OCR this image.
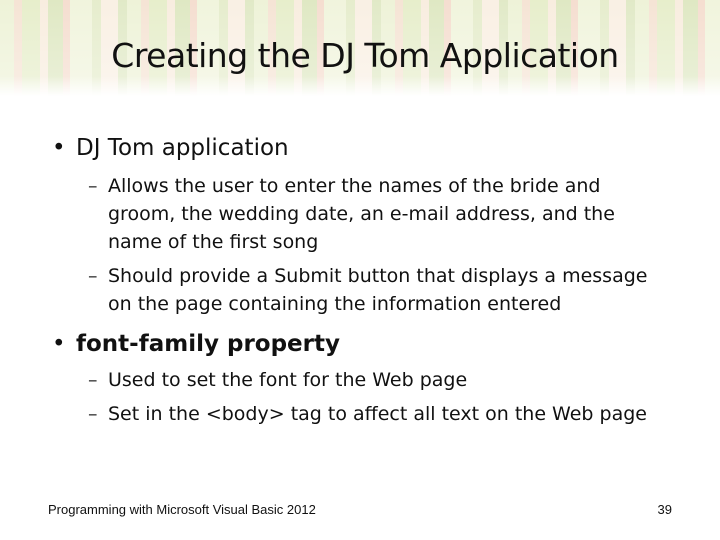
Creating the DJ Tom Application
• DJ Tom application
– Allows the user to enter the names of the bride and
groom, the wedding date, an e-mail address, and the
name of the first song
– Should provide a Submit button that displays a message
on the page containing the information entered
• font-family property
– Used to set the font for the Web page
– Set in the <body> tag to affect all text on the Web page
Programming with Microsoft Visual Basic 2012	39
